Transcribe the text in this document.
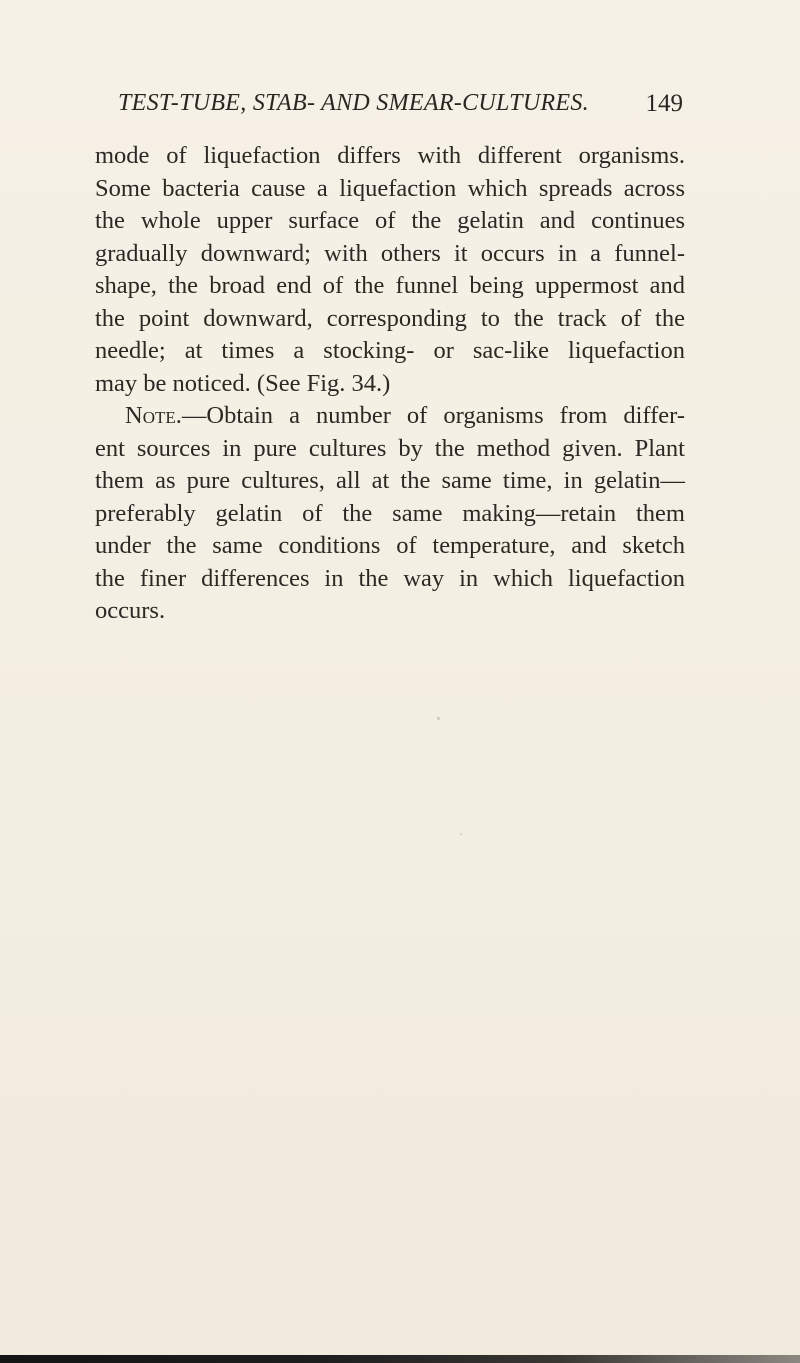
TEST-TUBE, STAB- AND SMEAR-CULTURES. 149
mode of liquefaction differs with different organisms.
Some bacteria cause a liquefaction which spreads across
the whole upper surface of the gelatin and continues
gradually downward; with others it occurs in a funnel-
shape, the broad end of the funnel being uppermost and
the point downward, corresponding to the track of the
needle; at times a stocking- or sac-like liquefaction
may be noticed. (See Fig. 34.)
Note.—Obtain a number of organisms from differ-
ent sources in pure cultures by the method given. Plant
them as pure cultures, all at the same time, in gelatin—
preferably gelatin of the same making—retain them
under the same conditions of temperature, and sketch
the finer differences in the way in which liquefaction
occurs.
